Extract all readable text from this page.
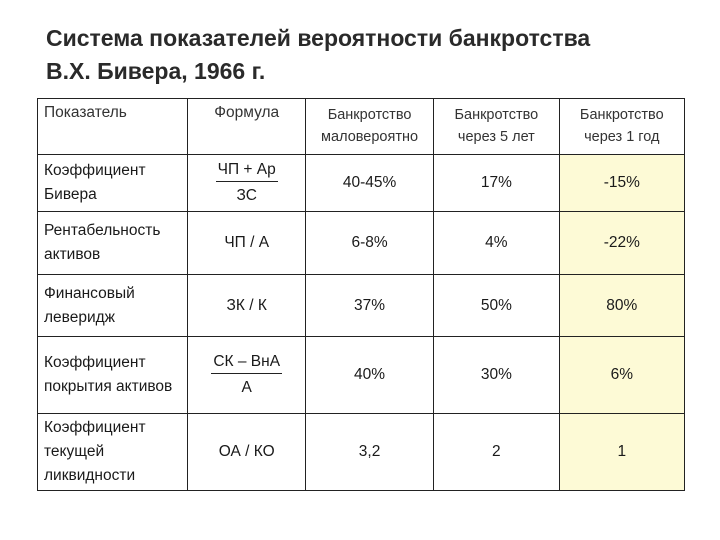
Система показателей вероятности банкротства
В.Х. Бивера, 1966 г.
Показатель	Формула	Банкротство маловероятно	Банкротство через 5 лет	Банкротство через 1 год
Коэффициент Бивера	$\frac{ЧП + Ар}{ЗС}$	40-45%	17%	-15%
Рентабельность активов	ЧП / А	6-8%	4%	-22%
Финансовый леверидж	ЗК / К	37%	50%	80%
Коэффициент покрытия активов	$\frac{\text{СК – ВнА}}{А}$	40%	30%	6%
Коэффициент текущей ликвидности	ОА / КО	3,2	2	1
